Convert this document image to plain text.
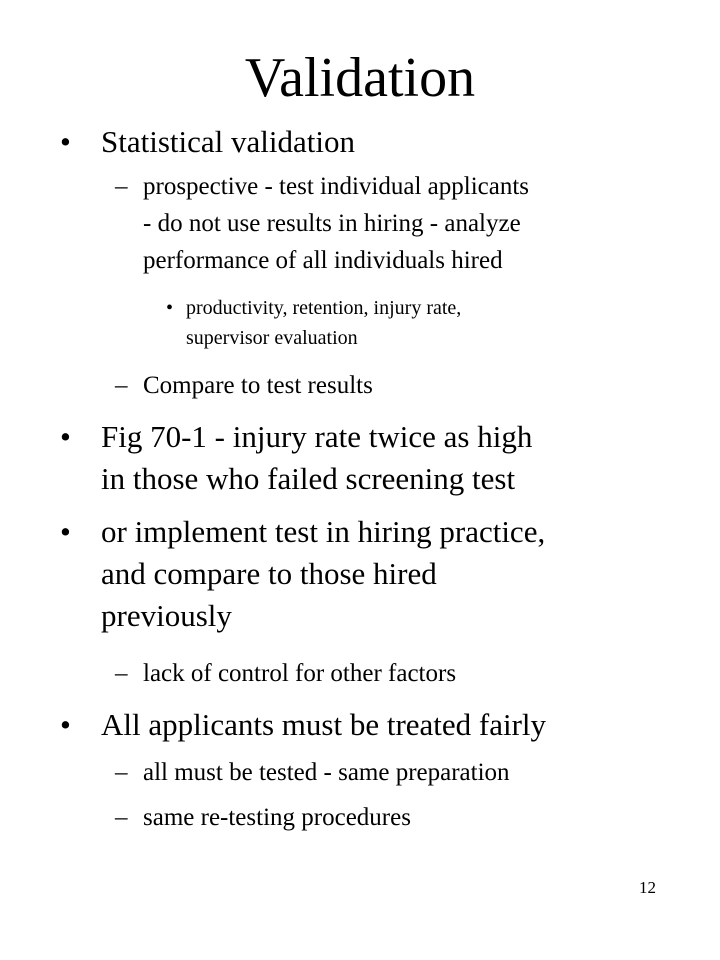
Validation
• Statistical validation
– prospective - test individual applicants
- do not use results in hiring - analyze
performance of all individuals hired
• productivity, retention, injury rate,
supervisor evaluation
– Compare to test results
• Fig 70-1 - injury rate twice as high
in those who failed screening test
• or implement test in hiring practice,
and compare to those hired
previously
– lack of control for other factors
• All applicants must be treated fairly
– all must be tested - same preparation
– same re-testing procedures
12
